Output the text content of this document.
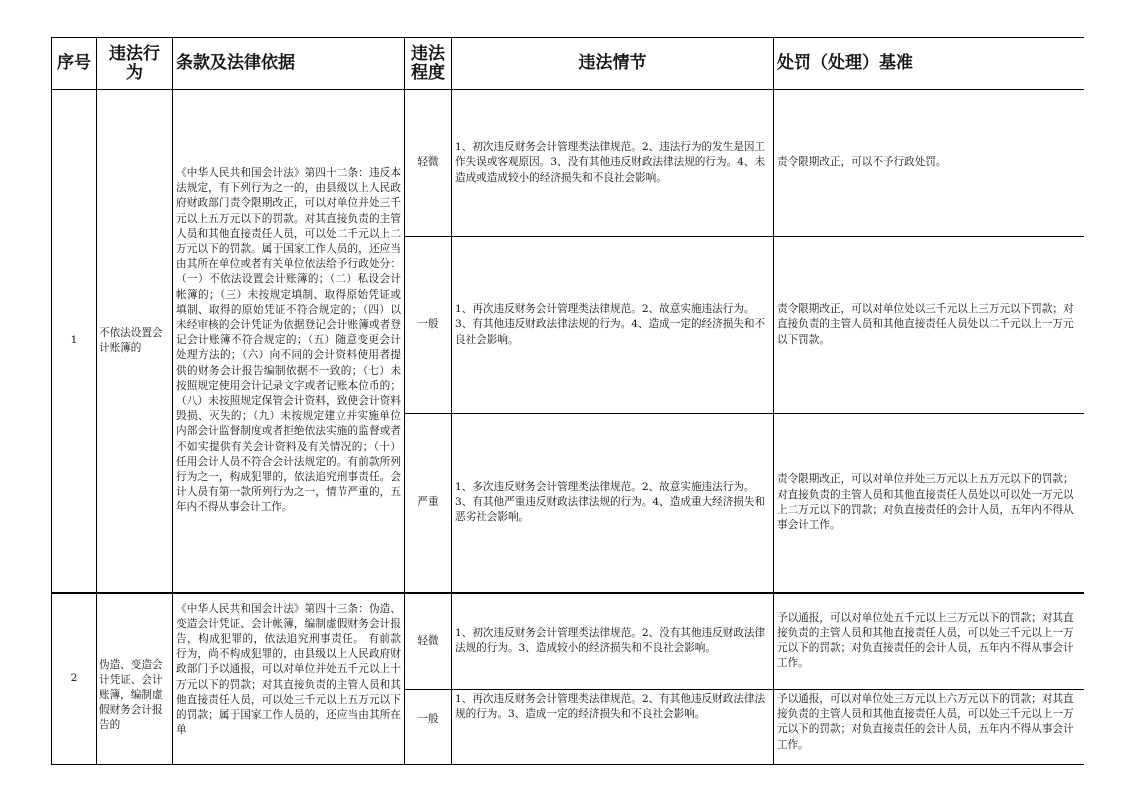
序号	违法行为	条款及法律依据	违法程度	违法情节	处罚（处理）基准
1	不依法设置会计账簿的	《中华人民共和国会计法》第四十二条：违反本法规定，有下列行为之一的，由县级以上人民政府财政部门责令限期改正，可以对单位并处三千元以上五万元以下的罚款。对其直接负责的主管人员和其他直接责任人员，可以处二千元以上二万元以下的罚款。属于国家工作人员的，还应当由其所在单位或者有关单位依法给予行政处分：（一）不依法设置会计账簿的；（二）私设会计帐簿的；（三）未按规定填制、取得原始凭证或填制、取得的原始凭证不符合规定的；（四）以未经审核的会计凭证为依据登记会计账簿或者登记会计账簿不符合规定的；（五）随意变更会计处理方法的；（六）向不同的会计资料使用者提供的财务会计报告编制依据不一致的；（七）未按照规定使用会计记录文字或者记账本位币的；（八）未按照规定保管会计资料，致使会计资料毁损、灭失的；（九）未按规定建立并实施单位内部会计监督制度或者拒绝依法实施的监督或者不如实提供有关会计资料及有关情况的；（十）任用会计人员不符合会计法规定的。有前款所列行为之一，构成犯罪的，依法追究刑事责任。会计人员有第一款所列行为之一，情节严重的，五年内不得从事会计工作。	轻微	1、初次违反财务会计管理类法律规范。2、违法行为的发生是因工作失误或客观原因。3、没有其他违反财政法律法规的行为。4、未造成或造成较小的经济损失和不良社会影响。	责令限期改正，可以不予行政处罚。
			一般	1、再次违反财务会计管理类法律规范。2、故意实施违法行为。3、有其他违反财政法律法规的行为。4、造成一定的经济损失和不良社会影响。	责令限期改正，可以对单位处以三千元以上三万元以下罚款；对直接负责的主管人员和其他直接责任人员处以二千元以上一万元以下罚款。
			严重	1、多次违反财务会计管理类法律规范。2、故意实施违法行为。3、有其他严重违反财政法律法规的行为。4、造成重大经济损失和恶劣社会影响。	责令限期改正，可以对单位并处三万元以上五万元以下的罚款；对直接负责的主管人员和其他直接责任人员处以可以处一万元以上二万元以下的罚款；对负直接责任的会计人员，五年内不得从事会计工作。
2	伪造、变造会计凭证、会计账簿，编制虚假财务会计报告的	《中华人民共和国会计法》第四十三条：伪造、变造会计凭证、会计帐簿，编制虚假财务会计报告，构成犯罪的，依法追究刑事责任。 有前款行为，尚不构成犯罪的，由县级以上人民政府财政部门予以通报，可以对单位并处五千元以上十万元以下的罚款；对其直接负责的主管人员和其他直接责任人员，可以处三千元以上五万元以下的罚款；属于国家工作人员的，还应当由其所在单	轻微	1、初次违反财务会计管理类法律规范。2、没有其他违反财政法律法规的行为。3、造成较小的经济损失和不良社会影响。	予以通报，可以对单位处五千元以上三万元以下的罚款；对其直接负责的主管人员和其他直接责任人员，可以处三千元以上一万元以下的罚款；对负直接责任的会计人员，五年内不得从事会计工作。
			一般	1、再次违反财务会计管理类法律规范。2、有其他违反财政法律法规的行为。3、造成一定的经济损失和不良社会影响。	予以通报，可以对单位处三万元以上六万元以下的罚款；对其直接负责的主管人员和其他直接责任人员，可以处三千元以上一万元以下的罚款；对负直接责任的会计人员，五年内不得从事会计工作。
